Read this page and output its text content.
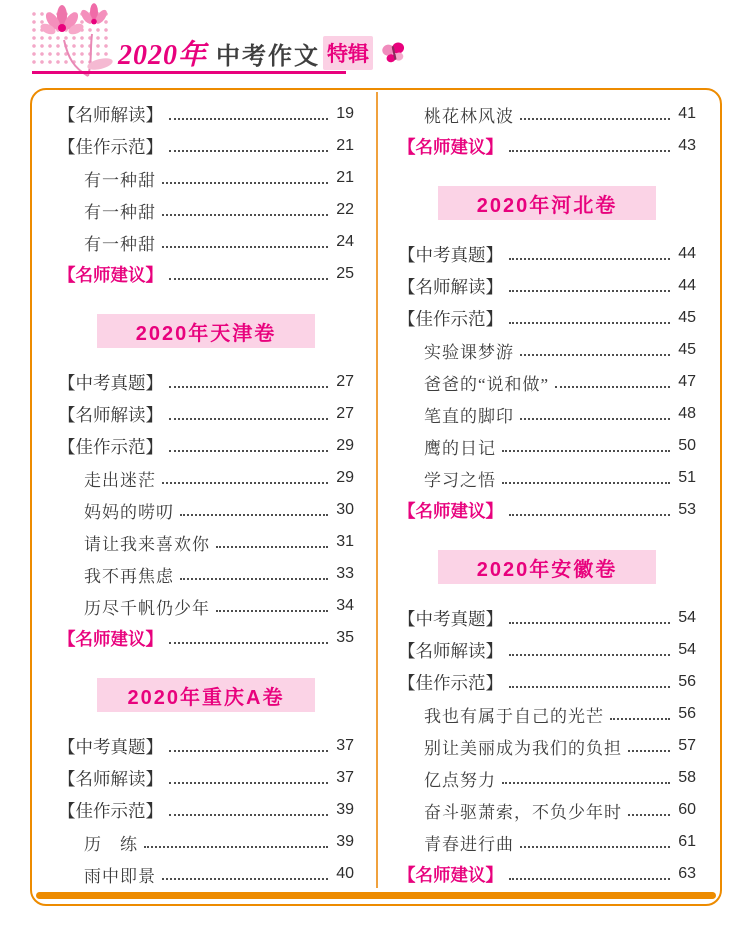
2020年 中考作文 特辑
【名师解读】	19
【佳作示范】	21
有一种甜	21
有一种甜	22
有一种甜	24
【名师建议】	25
2020年天津卷
【中考真题】	27
【名师解读】	27
【佳作示范】	29
走出迷茫	29
妈妈的唠叨	30
请让我来喜欢你	31
我不再焦虑	33
历尽千帆仍少年	34
【名师建议】	35
2020年重庆A卷
【中考真题】	37
【名师解读】	37
【佳作示范】	39
历　练	39
雨中即景	40
桃花林风波	41
【名师建议】	43
2020年河北卷
【中考真题】	44
【名师解读】	44
【佳作示范】	45
实验课梦游	45
爸爸的“说和做”	47
笔直的脚印	48
鹰的日记	50
学习之悟	51
【名师建议】	53
2020年安徽卷
【中考真题】	54
【名师解读】	54
【佳作示范】	56
我也有属于自己的光芒	56
别让美丽成为我们的负担	57
亿点努力	58
奋斗驱萧索，不负少年时	60
青春进行曲	61
【名师建议】	63
